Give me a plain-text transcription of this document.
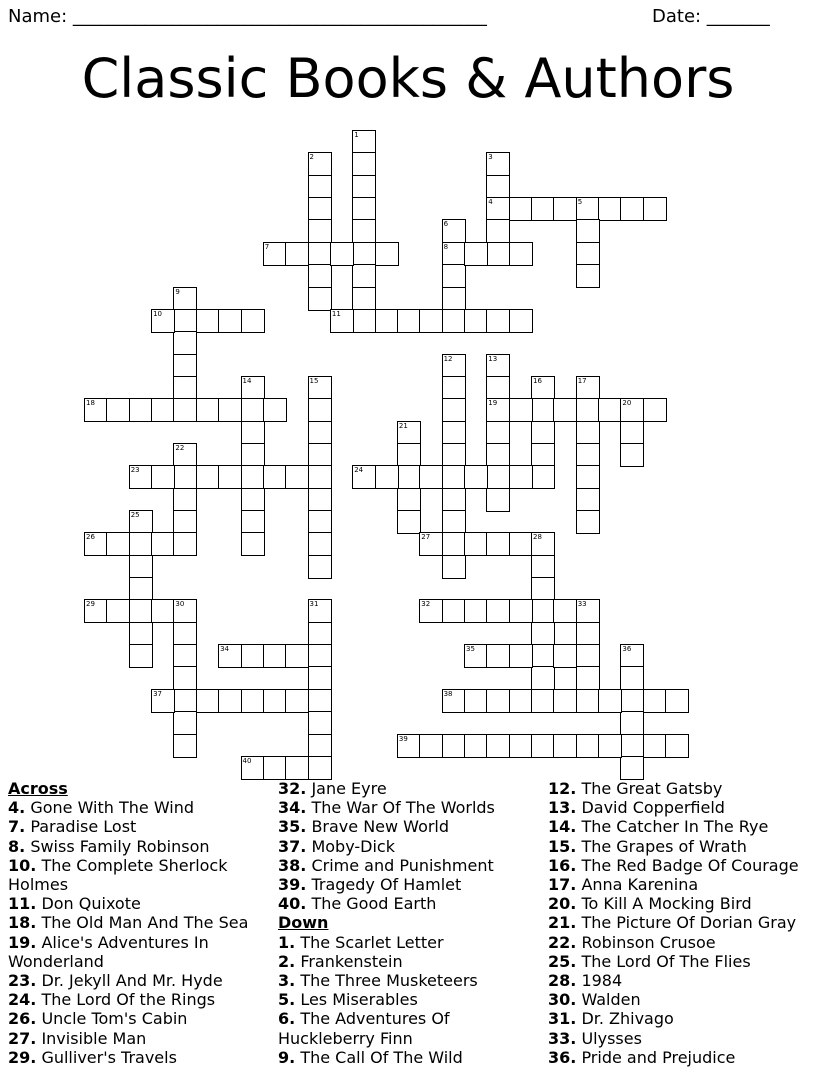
Name: ______________________________________________	Date: _______
Classic Books & Authors
1
2	3
4	5
6
8
7
9
10	11
12	13
19
14	15	16	17
18	20
21
22
23	24
25
26	27	28
29	30	31	32	33
34	35	36
37	38
39
40
Across
4. Gone With The Wind
7. Paradise Lost
8. Swiss Family Robinson
10. The Complete Sherlock Holmes
11. Don Quixote
18. The Old Man And The Sea
19. Alice's Adventures In Wonderland
23. Dr. Jekyll And Mr. Hyde
24. The Lord Of the Rings
26. Uncle Tom's Cabin
27. Invisible Man
29. Gulliver's Travels
32. Jane Eyre
34. The War Of The Worlds
35. Brave New World
37. Moby-Dick
38. Crime and Punishment
39. Tragedy Of Hamlet
40. The Good Earth
Down
1. The Scarlet Letter
2. Frankenstein
3. The Three Musketeers
5. Les Miserables
6. The Adventures Of Huckleberry Finn
9. The Call Of The Wild
12. The Great Gatsby
13. David Copperfield
14. The Catcher In The Rye
15. The Grapes of Wrath
16. The Red Badge Of Courage
17. Anna Karenina
20. To Kill A Mocking Bird
21. The Picture Of Dorian Gray
22. Robinson Crusoe
25. The Lord Of The Flies
28. 1984
30. Walden
31. Dr. Zhivago
33. Ulysses
36. Pride and Prejudice
